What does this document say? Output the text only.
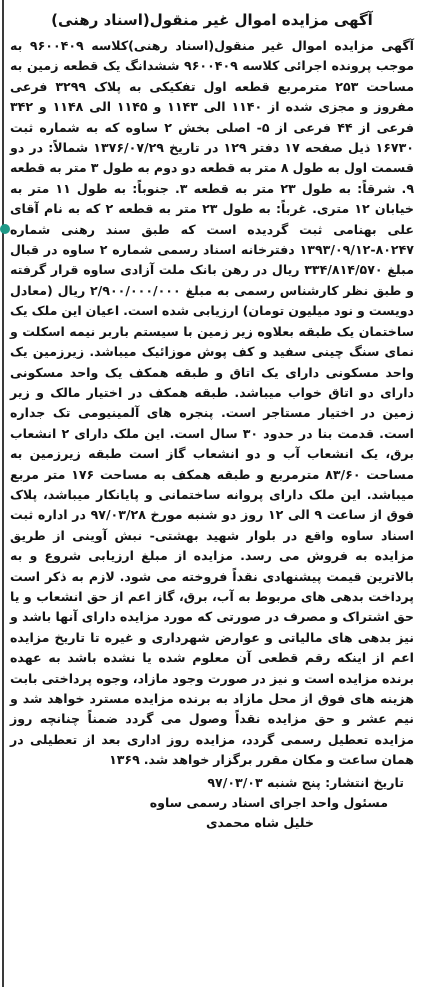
آگهی مزایده اموال غیر منقول(اسناد رهنی)
آگهی مزایده اموال غیر منقول(اسناد رهنی)کلاسه ۹۶۰۰۴۰۹ به موجب پرونده اجرائی کلاسه ۹۶۰۰۴۰۹ ششدانگ یک قطعه زمین به مساحت ۲۵۳ مترمربع قطعه اول تفکیکی به پلاک ۳۲۹۹ فرعی مفروز و مجزی شده از ۱۱۴۰ الی ۱۱۴۳ و ۱۱۴۵ الی ۱۱۴۸ و ۳۴۲ فرعی از ۴۴ فرعی از ۵- اصلی بخش ۲ ساوه که به شماره ثبت ۱۶۷۳۰ ذیل صفحه ۱۷ دفتر ۱۲۹ در تاریخ ۱۳۷۶/۰۷/۲۹ شمالاً: در دو قسمت اول به طول ۸ متر به قطعه دو دوم به طول ۳ متر به قطعه ۹. شرقاً: به طول ۲۳ متر به قطعه ۳. جنوباً: به طول ۱۱ متر به خیابان ۱۲ متری. غرباً: به طول ۲۳ متر به قطعه ۲ که به نام آقای علی بهنامی ثبت گردیده است که طبق سند رهنی شماره ۸۰۲۴۷-۱۳۹۳/۰۹/۱۲ دفترخانه اسناد رسمی شماره ۲ ساوه در قبال مبلغ ۳۳۴/۸۱۴/۵۷۰ ریال در رهن بانک ملت آزادی ساوه قرار گرفته و طبق نظر کارشناس رسمی به مبلغ ۲/۹۰۰/۰۰۰/۰۰۰ ریال (معادل دویست و نود میلیون تومان) ارزیابی شده است. اعیان این ملک یک ساختمان یک طبقه بعلاوه زیر زمین با سیستم باربر نیمه اسکلت و نمای سنگ چینی سفید و کف پوش موزائیک میباشد. زیرزمین یک واحد مسکونی دارای یک اتاق و طبقه همکف یک واحد مسکونی دارای دو اتاق خواب میباشد. طبقه همکف در اختیار مالک و زیر زمین در اختیار مستاجر است. پنجره های آلمینیومی تک جداره است. قدمت بنا در حدود ۳۰ سال است. این ملک دارای ۲ انشعاب برق، یک انشعاب آب و دو انشعاب گاز است طبقه زیرزمین به مساحت ۸۳/۶۰ مترمربع و طبقه همکف به مساحت ۱۷۶ متر مربع میباشد. این ملک دارای پروانه ساختمانی و پایانکار میباشد، پلاک فوق از ساعت ۹ الی ۱۲ روز دو شنبه مورخ ۹۷/۰۳/۲۸ در اداره ثبت اسناد ساوه واقع در بلوار شهید بهشتی- نبش آوینی از طریق مزایده به فروش می رسد. مزایده از مبلغ ارزیابی شروع و به بالاترین قیمت پیشنهادی نقداً فروخته می شود. لازم به ذکر است پرداخت بدهی های مربوط به آب، برق، گاز اعم از حق انشعاب و یا حق اشتراک و مصرف در صورتی که مورد مزایده دارای آنها باشد و نیز بدهی های مالیاتی و عوارض شهرداری و غیره تا تاریخ مزایده اعم از اینکه رقم قطعی آن معلوم شده یا نشده باشد به عهده برنده مزایده است و نیز در صورت وجود مازاد، وجوه پرداختی بابت هزینه های فوق از محل مازاد به برنده مزایده مسترد خواهد شد و نیم عشر و حق مزایده نقداً وصول می گردد ضمناً چنانچه روز مزایده تعطیل رسمی گردد، مزایده روز اداری بعد از تعطیلی در همان ساعت و مکان مقرر برگزار خواهد شد. ۱۳۶۹
تاریخ انتشار: پنج شنبه ۹۷/۰۳/۰۳
مسئول واحد اجرای اسناد رسمی ساوه
خلیل شاه محمدی
